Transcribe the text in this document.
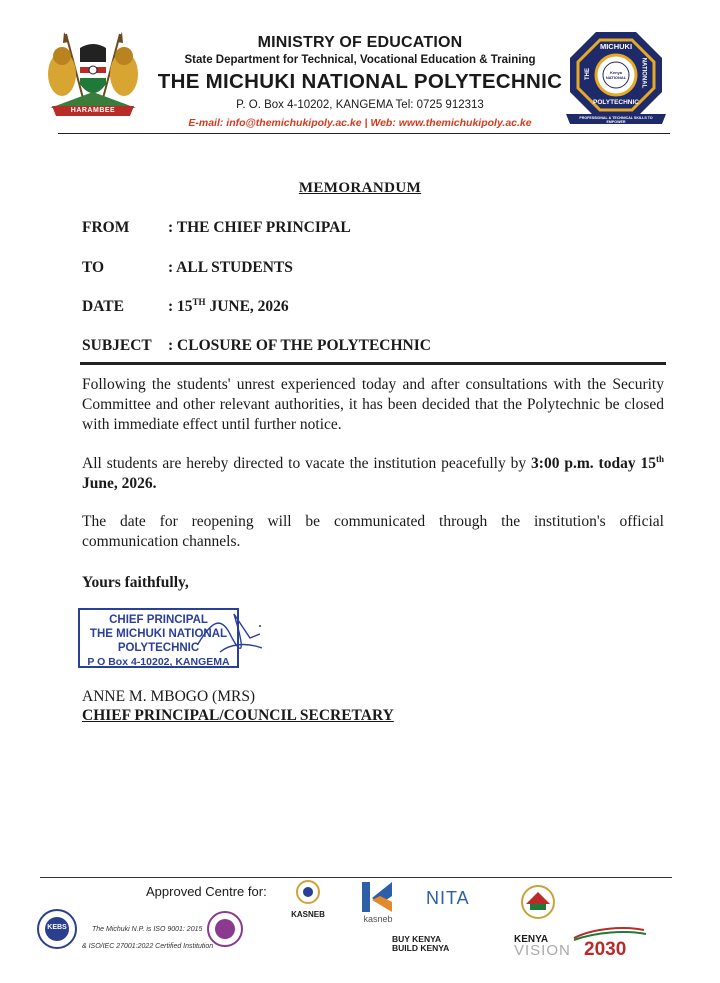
HARAMBEE
MINISTRY OF EDUCATION
State Department for Technical, Vocational Education & Training
THE MICHUKI NATIONAL POLYTECHNIC
P. O. Box 4-10202, KANGEMA Tel: 0725 912313
E-mail: info@themichukipoly.ac.ke | Web: www.themichukipoly.ac.ke
MICHUKI
THE	NATIONAL
Kenya NATIONAL
POLYTECHNIC
PROFESSIONAL & TECHNICAL SKILLS TO EMPOWER
MEMORANDUM
FROM : THE CHIEF PRINCIPAL
TO	: ALL STUDENTS
DATE	: 15TH JUNE, 2026
SUBJECT : CLOSURE OF THE POLYTECHNIC
Following the students' unrest experienced today and after consultations with the Security Committee and other relevant authorities, it has been decided that the Polytechnic be closed with immediate effect until further notice.
All students are hereby directed to vacate the institution peacefully by 3:00 p.m. today 15th June, 2026.
The date for reopening will be communicated through the institution's official communication channels.
Yours faithfully,
CHIEF PRINCIPAL
THE MICHUKI NATIONAL
POLYTECHNIC
P O Box 4-10202, KANGEMA
ANNE M. MBOGO (MRS)
CHIEF PRINCIPAL/COUNCIL SECRETARY
Approved Centre for:
KEBS	The Michuki N.P. is ISO 9001: 2015
& ISO/IEC 27001:2022 Certified Institution
KASNEB	kasneb
NITA
BUY KENYA
BUILD KENYA
KENYA
VISION 2030
